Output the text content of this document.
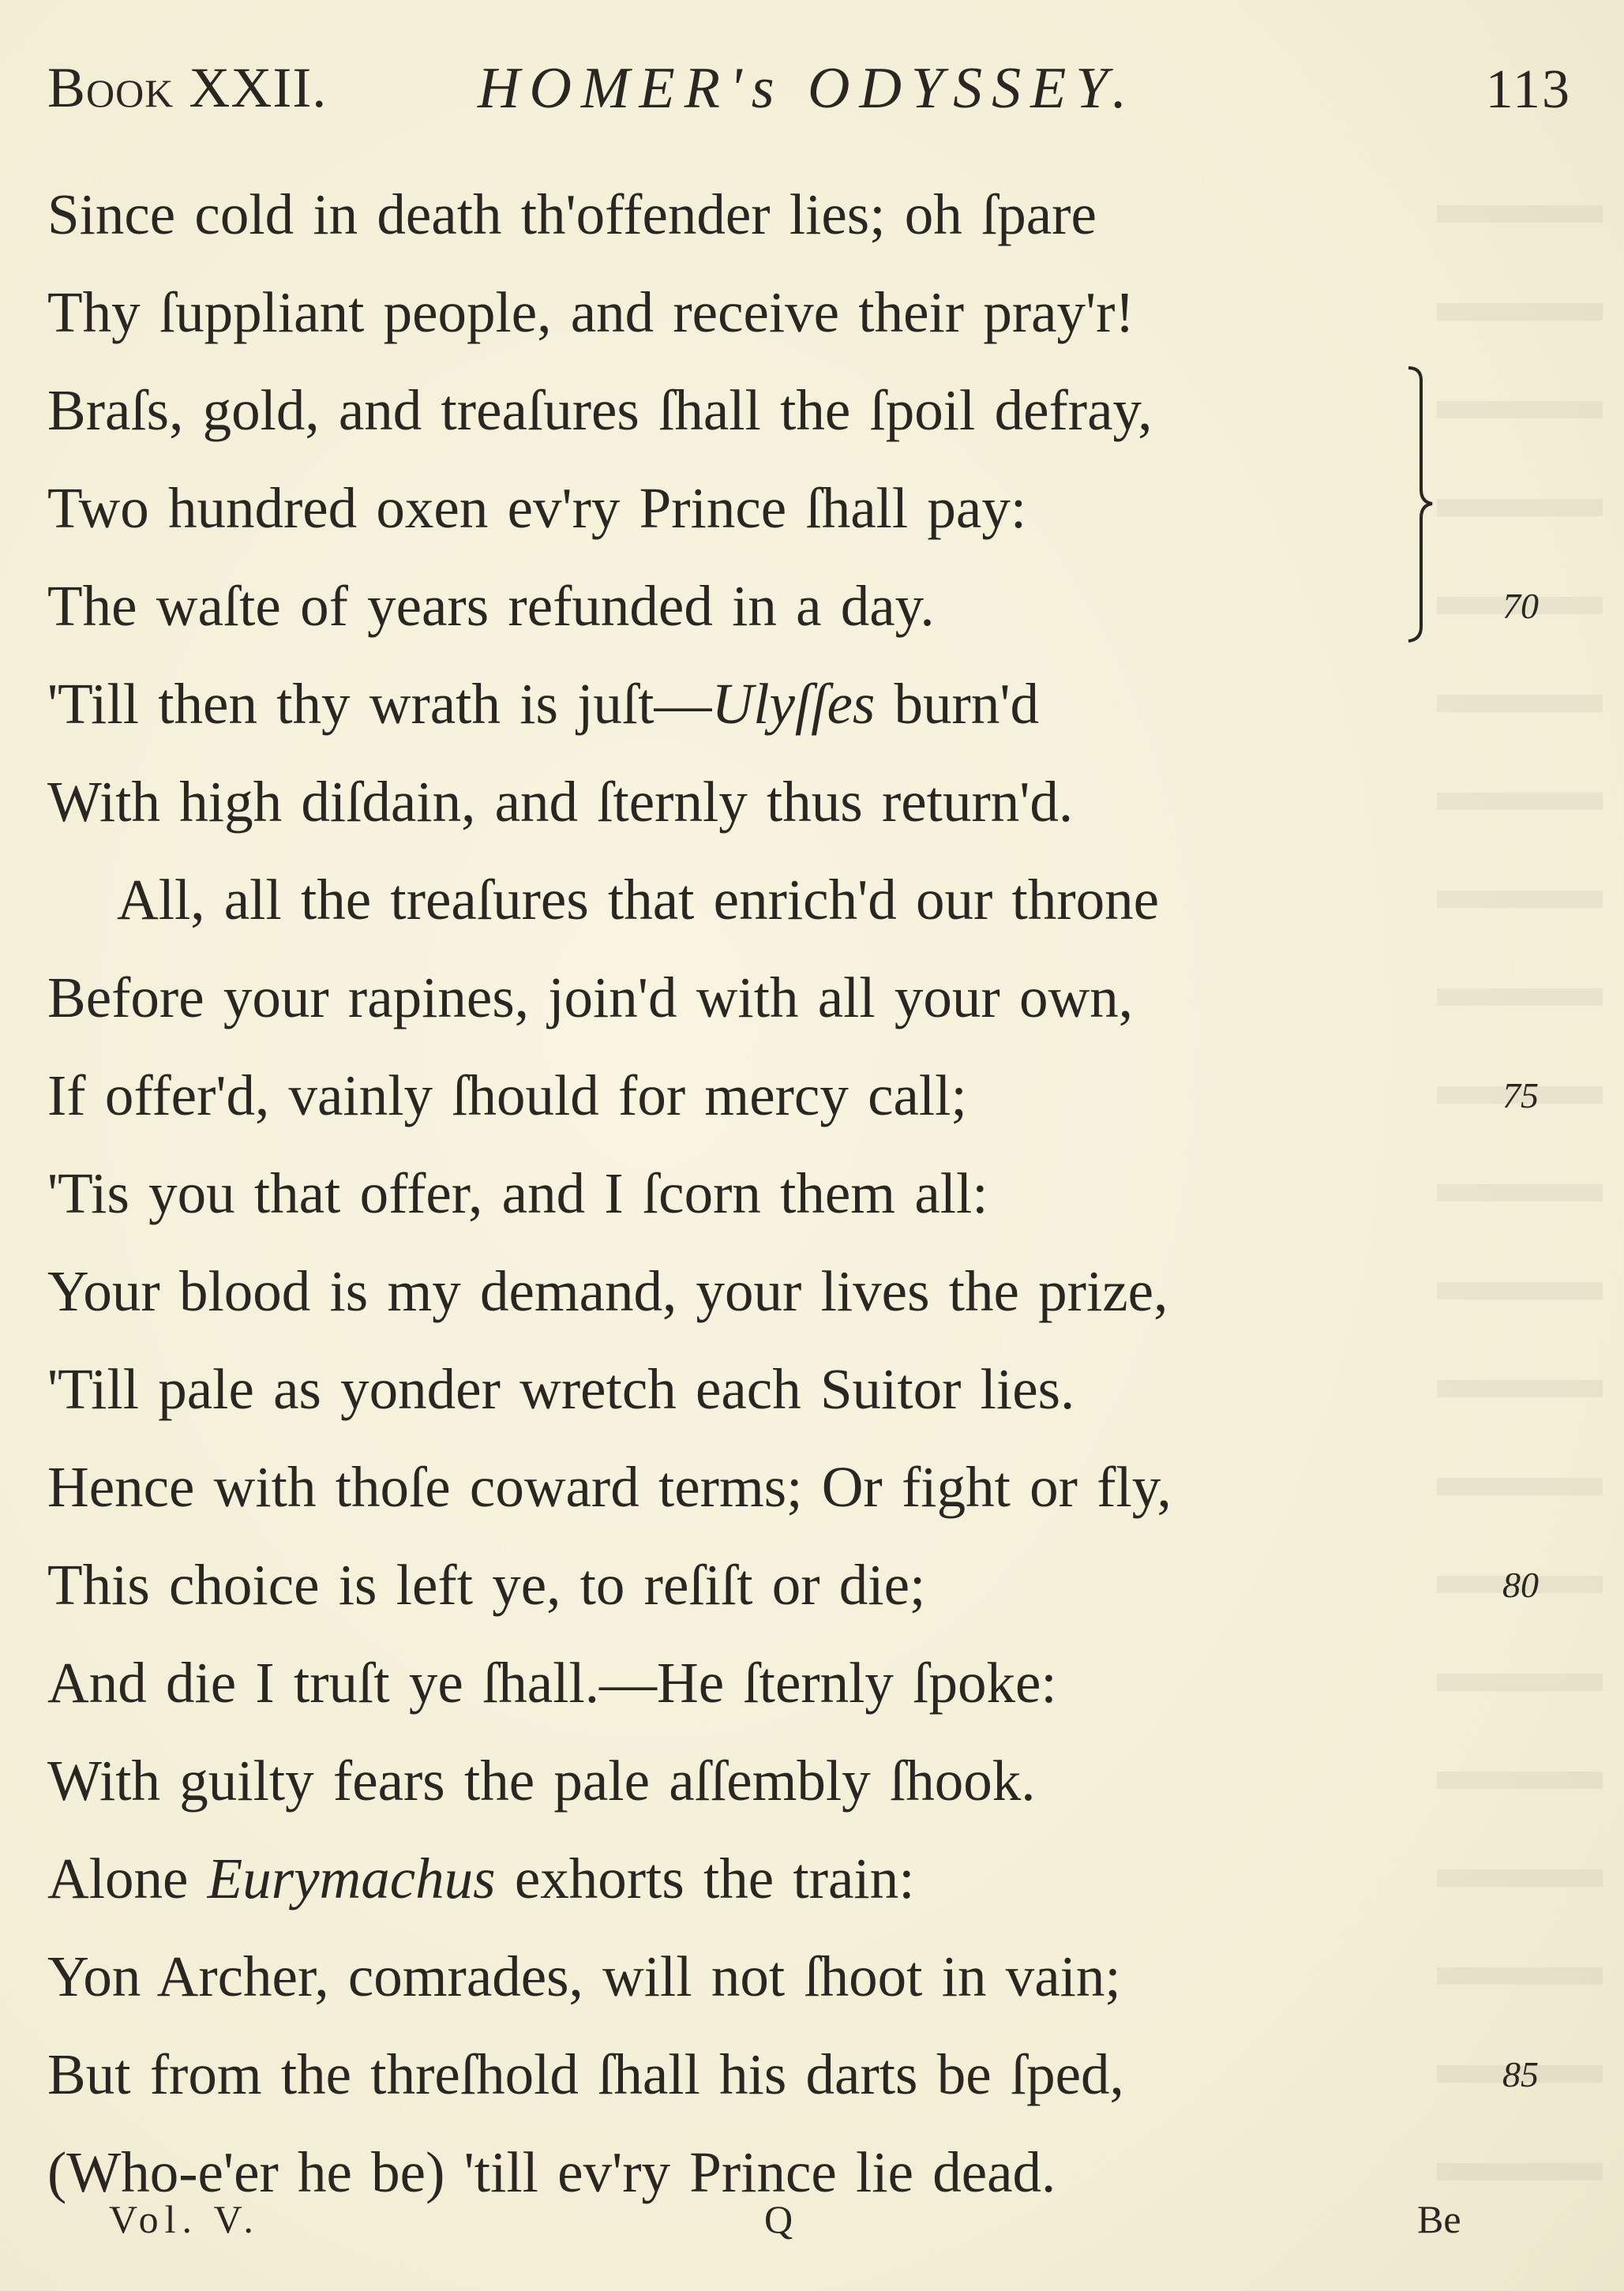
Book XXII.	HOMER's ODYSSEY.	113
Since cold in death th'offender lies; oh ſpare
Thy ſuppliant people, and receive their pray'r!
Braſs, gold, and treaſures ſhall the ſpoil defray,
Two hundred oxen ev'ry Prince ſhall pay:
The waſte of years refunded in a day.	70
'Till then thy wrath is juſt—Ulyſſes burn'd
With high diſdain, and ſternly thus return'd.
All, all the treaſures that enrich'd our throne
Before your rapines, join'd with all your own,
If offer'd, vainly ſhould for mercy call;	75
'Tis you that offer, and I ſcorn them all:
Your blood is my demand, your lives the prize,
'Till pale as yonder wretch each Suitor lies.
Hence with thoſe coward terms; Or fight or fly,
This choice is left ye, to reſiſt or die;	80
And die I truſt ye ſhall.—He ſternly ſpoke:
With guilty fears the pale aſſembly ſhook.
Alone Eurymachus exhorts the train:
Yon Archer, comrades, will not ſhoot in vain;
But from the threſhold ſhall his darts be ſped,	85
(Who-e'er he be) 'till ev'ry Prince lie dead.
Vol. V.	Q	Be
